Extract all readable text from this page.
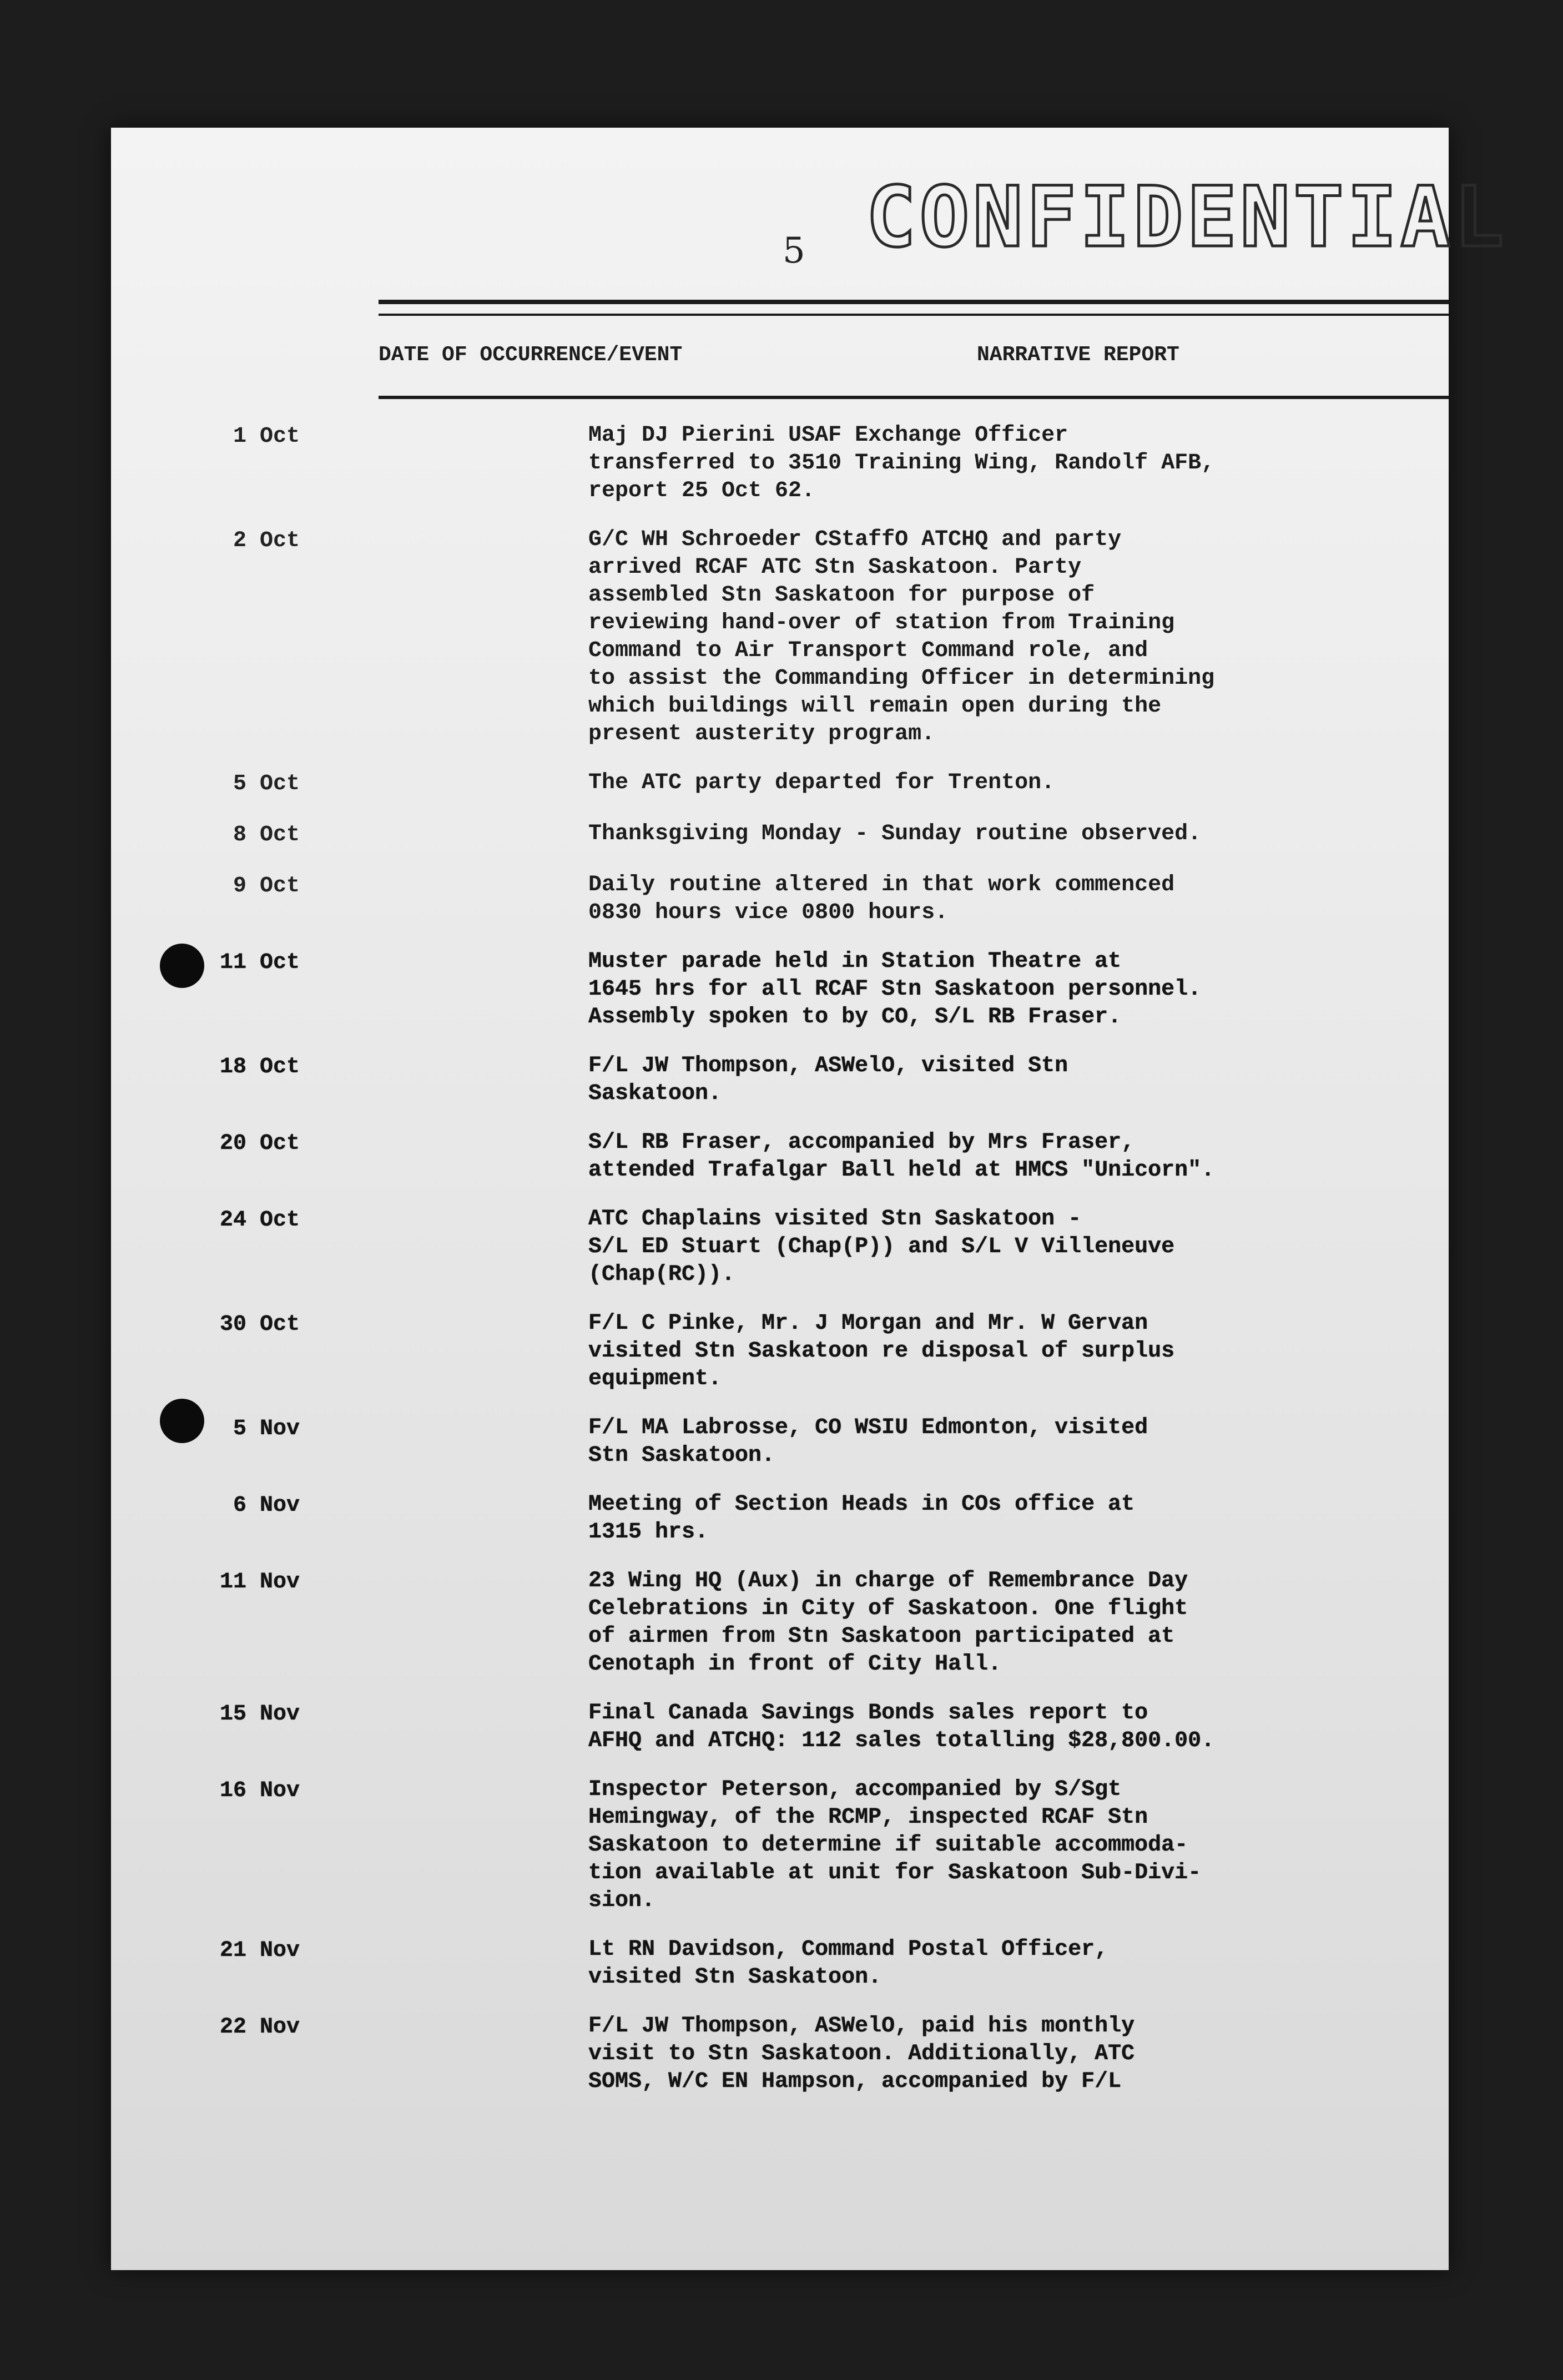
CONFIDENTIAL
5
DATE OF OCCURRENCE/EVENT	NARRATIVE REPORT
1 Oct	Maj DJ Pierini USAF Exchange Officer
transferred to 3510 Training Wing, Randolf AFB,
report 25 Oct 62.
2 Oct	G/C WH Schroeder CStaffO ATCHQ and party
arrived RCAF ATC Stn Saskatoon. Party
assembled Stn Saskatoon for purpose of
reviewing hand-over of station from Training
Command to Air Transport Command role, and
to assist the Commanding Officer in determining
which buildings will remain open during the
present austerity program.
5 Oct	The ATC party departed for Trenton.
8 Oct	Thanksgiving Monday - Sunday routine observed.
9 Oct	Daily routine altered in that work commenced
0830 hours vice 0800 hours.
11 Oct	Muster parade held in Station Theatre at
1645 hrs for all RCAF Stn Saskatoon personnel.
Assembly spoken to by CO, S/L RB Fraser.
18 Oct	F/L JW Thompson, ASWelO, visited Stn
Saskatoon.
20 Oct	S/L RB Fraser, accompanied by Mrs Fraser,
attended Trafalgar Ball held at HMCS "Unicorn".
24 Oct	ATC Chaplains visited Stn Saskatoon -
S/L ED Stuart (Chap(P)) and S/L V Villeneuve
(Chap(RC)).
30 Oct	F/L C Pinke, Mr. J Morgan and Mr. W Gervan
visited Stn Saskatoon re disposal of surplus
equipment.
5 Nov	F/L MA Labrosse, CO WSIU Edmonton, visited
Stn Saskatoon.
6 Nov	Meeting of Section Heads in COs office at
1315 hrs.
11 Nov	23 Wing HQ (Aux) in charge of Remembrance Day
Celebrations in City of Saskatoon. One flight
of airmen from Stn Saskatoon participated at
Cenotaph in front of City Hall.
15 Nov	Final Canada Savings Bonds sales report to
AFHQ and ATCHQ: 112 sales totalling $28,800.00.
16 Nov	Inspector Peterson, accompanied by S/Sgt
Hemingway, of the RCMP, inspected RCAF Stn
Saskatoon to determine if suitable accommoda-
tion available at unit for Saskatoon Sub-Divi-
sion.
21 Nov	Lt RN Davidson, Command Postal Officer,
visited Stn Saskatoon.
22 Nov	F/L JW Thompson, ASWelO, paid his monthly
visit to Stn Saskatoon. Additionally, ATC
SOMS, W/C EN Hampson, accompanied by F/L
